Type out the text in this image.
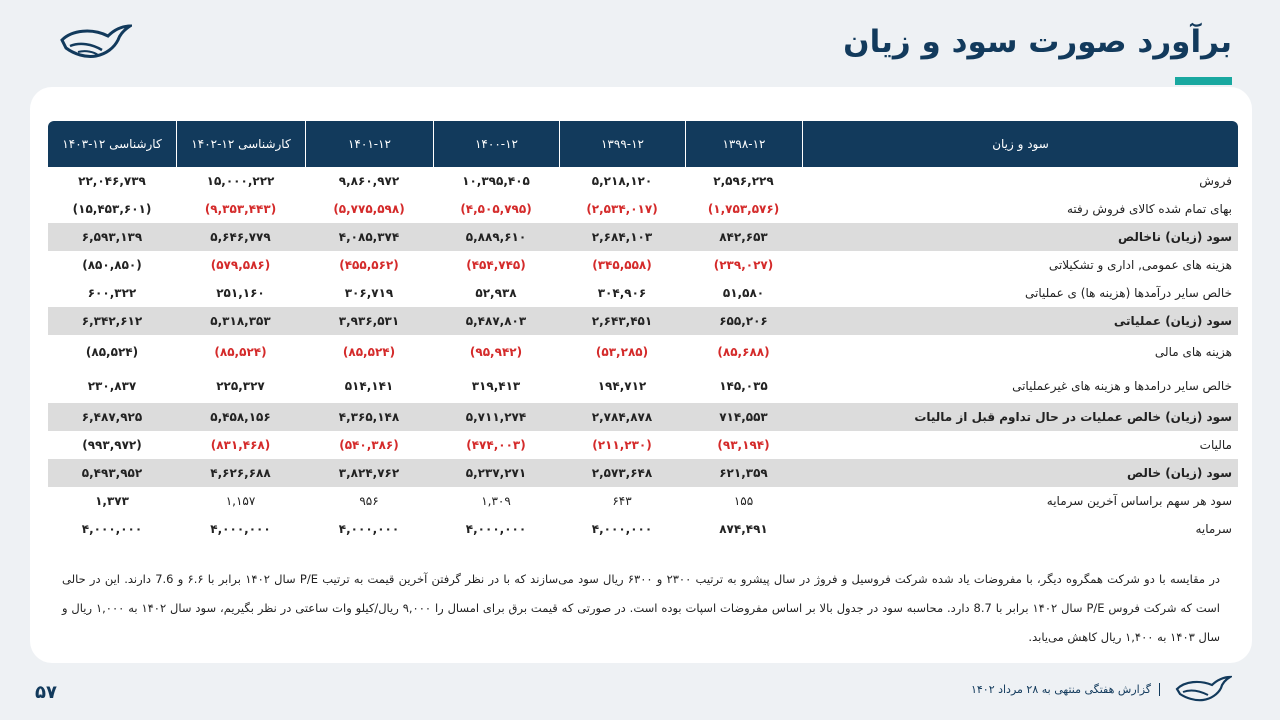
برآورد صورت سود و زیان
سود و زیان	۱۳۹۸-۱۲	۱۳۹۹-۱۲	۱۴۰۰-۱۲	۱۴۰۱-۱۲	کارشناسی ۱۲-۱۴۰۲	کارشناسی ۱۲-۱۴۰۳
فروش	۲,۵۹۶,۲۲۹	۵,۲۱۸,۱۲۰	۱۰,۳۹۵,۴۰۵	۹,۸۶۰,۹۷۲	۱۵,۰۰۰,۲۲۲	۲۲,۰۴۶,۷۳۹
بهای تمام شده کالای فروش رفته	(۱,۷۵۳,۵۷۶)	(۲,۵۳۴,۰۱۷)	(۴,۵۰۵,۷۹۵)	(۵,۷۷۵,۵۹۸)	(۹,۳۵۳,۴۴۳)	(۱۵,۴۵۳,۶۰۱)
سود (زیان) ناخالص	۸۴۲,۶۵۳	۲,۶۸۴,۱۰۳	۵,۸۸۹,۶۱۰	۴,۰۸۵,۳۷۴	۵,۶۴۶,۷۷۹	۶,۵۹۳,۱۳۹
هزینه های عمومی, اداری و تشکیلاتی	(۲۳۹,۰۲۷)	(۳۴۵,۵۵۸)	(۴۵۴,۷۴۵)	(۴۵۵,۵۶۲)	(۵۷۹,۵۸۶)	(۸۵۰,۸۵۰)
خالص سایر درآمدها (هزینه ها) ی عملیاتی	۵۱,۵۸۰	۳۰۴,۹۰۶	۵۲,۹۳۸	۳۰۶,۷۱۹	۲۵۱,۱۶۰	۶۰۰,۳۲۲
سود (زیان) عملیاتی	۶۵۵,۲۰۶	۲,۶۴۳,۴۵۱	۵,۴۸۷,۸۰۳	۳,۹۳۶,۵۳۱	۵,۳۱۸,۳۵۳	۶,۳۴۲,۶۱۲
هزینه های مالی	(۸۵,۶۸۸)	(۵۳,۲۸۵)	(۹۵,۹۴۲)	(۸۵,۵۲۴)	(۸۵,۵۲۴)	(۸۵,۵۲۴)
خالص سایر درامدها و هزینه های غیرعملیاتی	۱۴۵,۰۳۵	۱۹۴,۷۱۲	۳۱۹,۴۱۳	۵۱۴,۱۴۱	۲۲۵,۳۲۷	۲۳۰,۸۳۷
سود (زیان) خالص عملیات در حال تداوم قبل از مالیات	۷۱۴,۵۵۳	۲,۷۸۴,۸۷۸	۵,۷۱۱,۲۷۴	۴,۳۶۵,۱۴۸	۵,۴۵۸,۱۵۶	۶,۴۸۷,۹۲۵
مالیات	(۹۳,۱۹۴)	(۲۱۱,۲۳۰)	(۴۷۴,۰۰۳)	(۵۴۰,۳۸۶)	(۸۳۱,۴۶۸)	(۹۹۳,۹۷۲)
سود (زیان) خالص	۶۲۱,۳۵۹	۲,۵۷۳,۶۴۸	۵,۲۳۷,۲۷۱	۳,۸۲۴,۷۶۲	۴,۶۲۶,۶۸۸	۵,۴۹۳,۹۵۲
سود هر سهم براساس آخرین سرمایه	۱۵۵	۶۴۳	۱,۳۰۹	۹۵۶	۱,۱۵۷	۱,۳۷۳
سرمایه	۸۷۴,۴۹۱	۴,۰۰۰,۰۰۰	۴,۰۰۰,۰۰۰	۴,۰۰۰,۰۰۰	۴,۰۰۰,۰۰۰	۴,۰۰۰,۰۰۰
در مقایسه با دو شرکت همگروه دیگر، با مفروضات یاد شده شرکت فروسیل و فروژ در سال پیشرو به ترتیب ۲۳۰۰ و ۶۳۰۰ ریال سود می‌سازند که با در نظر گرفتن آخرین قیمت به ترتیب P/E سال ۱۴۰۲ برابر با ۶.۶ و 7.6 دارند. این در حالی است که شرکت فروس P/E سال ۱۴۰۲ برابر با 8.7 دارد. محاسبه سود در جدول بالا بر اساس مفروضات اسپات بوده است. در صورتی که قیمت برق برای امسال را ۹,۰۰۰ ریال/کیلو وات ساعتی در نظر بگیریم، سود سال ۱۴۰۲ به ۱,۰۰۰ ریال و سال ۱۴۰۳ به ۱,۴۰۰ ریال کاهش می‌یابد.
۵۷	گزارش هفتگی منتهی به ۲۸ مرداد ۱۴۰۲
